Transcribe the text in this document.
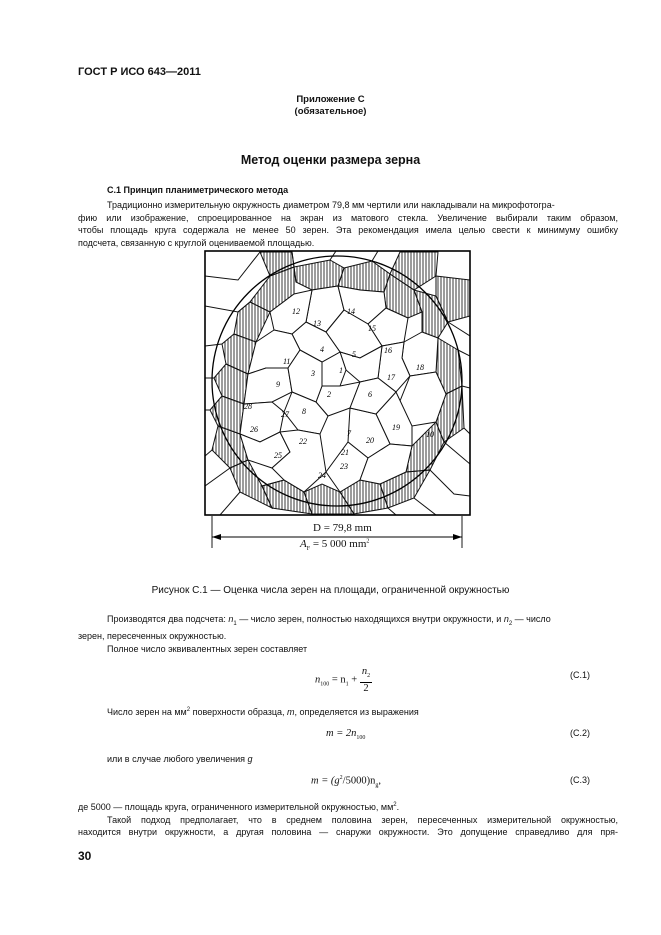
ГОСТ Р ИСО 643—2011
Приложение С
(обязательное)
Метод оценки размера зерна
С.1 Принцип планиметрического метода

Традиционно измерительную окружность диаметром 79,8 мм чертили или накладывали на микрофотогра-

фию или изображение, спроецированное на экран из матового стекла. Увеличение выбирали таким образом,
чтобы площадь круга содержала не менее 50 зерен. Эта рекомендация имела целью свести к минимуму ошибку
подсчета, связанную с круглой оцениваемой площадью.
1
2
3
4
5
6
7
8
9
10
11
12
13
14
15
16
17
18
19
20
21
22
23
24
25
26
27
28
D = 79,8 mm
$A_F = 5$ 000 $mm^2$
Рисунок С.1 — Оценка числа зерен на площади, ограниченной окружностью

Производятся два подсчета: $n_1$ — число зерен, полностью находящихся внутри окружности, и $n_2$ — число

зерен, пересеченных окружностью.

Полное число эквивалентных зерен составляет

$n_{100} = n_1 + \frac{n_2}{2}$	(С.1)

Число зерен на $мм^2$ поверхности образца, m, определяется из выражения

$m = 2n_{100}$
(С.2)

или в случае любого увеличения g

$m = (g^2/5000)n_g$,	(С.3)
де 5000 — площадь круга, ограниченного измерительной окружностью, $мм^2$.

Такой подход предполагает, что в среднем половина зерен, пересеченных измерительной окружностью,

находится внутри окружности, а другая половина — снаружи окружности. Это допущение справедливо для пря-
30
